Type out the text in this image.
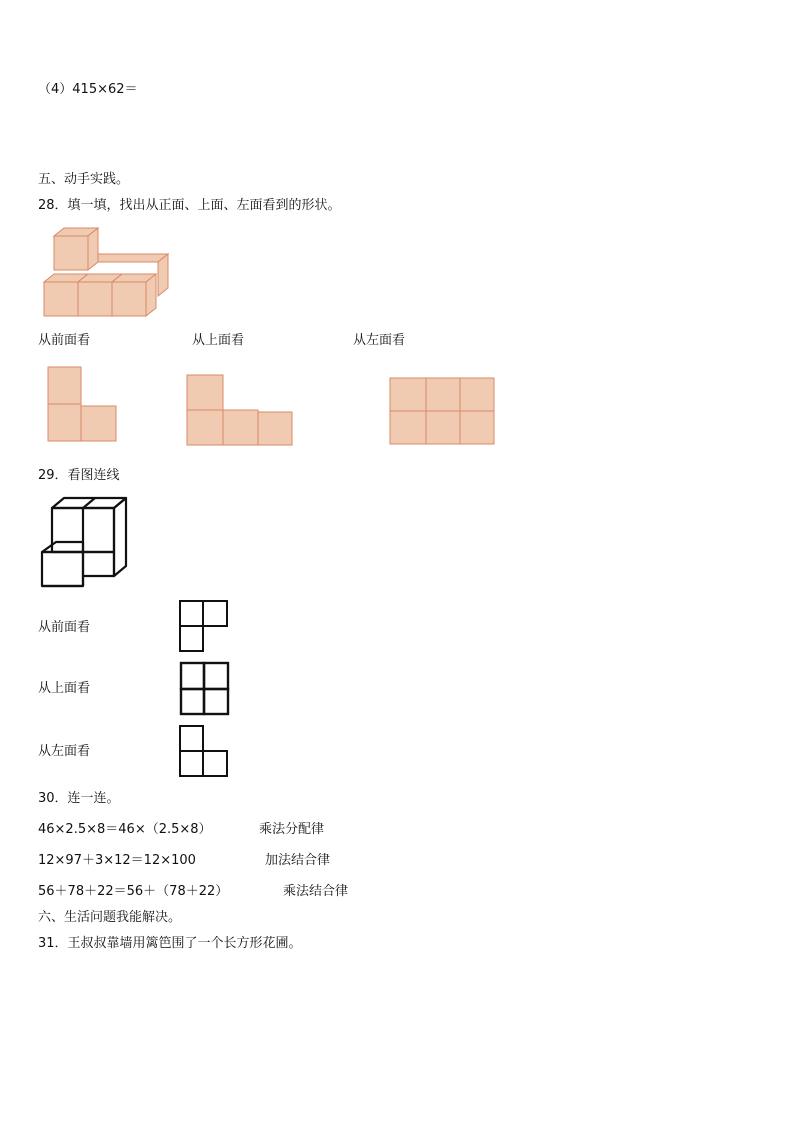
（4）415×62＝
五、动手实践。
28．填一填，找出从正面、上面、左面看到的形状。
从前面看	从上面看	从左面看
29．看图连线
从前面看
从上面看
从左面看
30．连一连。
46×2.5×8＝46×（2.5×8）	乘法分配律
12×97＋3×12＝12×100	加法结合律
56＋78＋22＝56＋（78＋22）	乘法结合律
六、生活问题我能解决。
31．王叔叔靠墙用篱笆围了一个长方形花圃。
